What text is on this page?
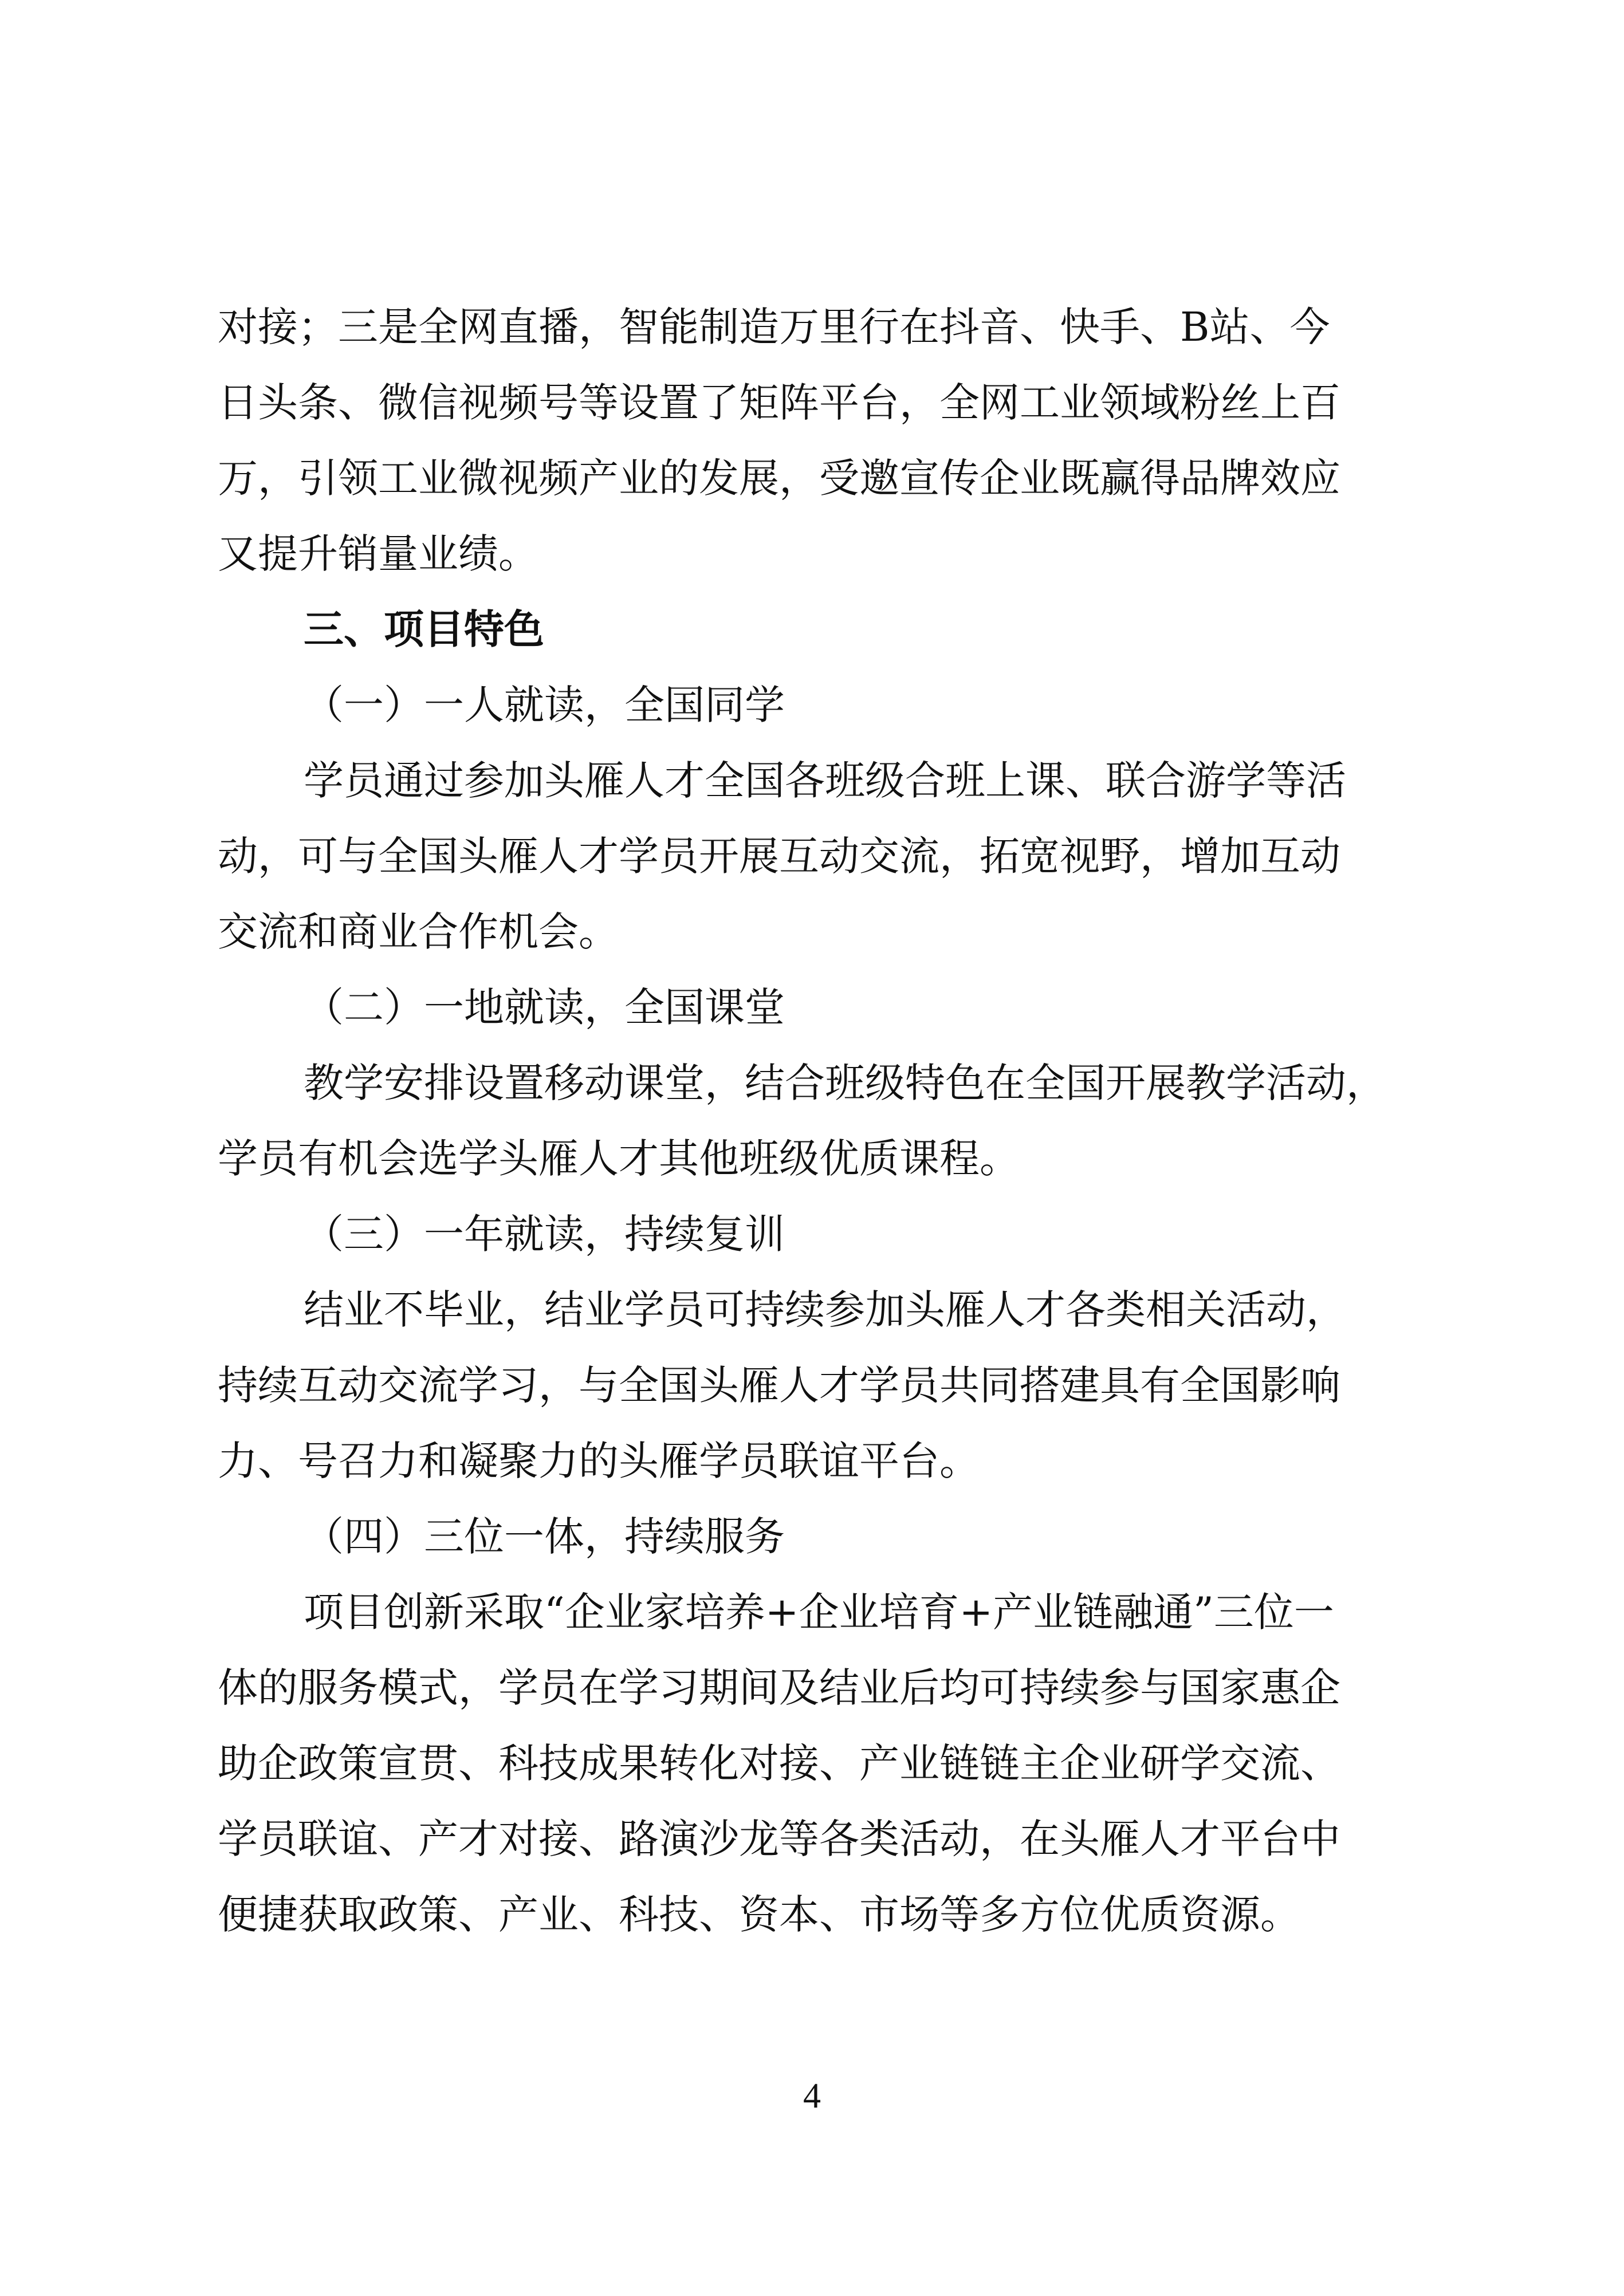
对接；三是全网直播，智能制造万里行在抖音、快手、B站、今
日头条、微信视频号等设置了矩阵平台，全网工业领域粉丝上百
万，引领工业微视频产业的发展，受邀宣传企业既赢得品牌效应
又提升销量业绩。
三、项目特色
（一）一人就读，全国同学
学员通过参加头雁人才全国各班级合班上课、联合游学等活
动，可与全国头雁人才学员开展互动交流，拓宽视野，增加互动
交流和商业合作机会。
（二）一地就读，全国课堂
教学安排设置移动课堂，结合班级特色在全国开展教学活动，
学员有机会选学头雁人才其他班级优质课程。
（三）一年就读，持续复训
结业不毕业，结业学员可持续参加头雁人才各类相关活动，
持续互动交流学习，与全国头雁人才学员共同搭建具有全国影响
力、号召力和凝聚力的头雁学员联谊平台。
（四）三位一体，持续服务
项目创新采取“企业家培养+企业培育+产业链融通”三位一
体的服务模式，学员在学习期间及结业后均可持续参与国家惠企
助企政策宣贯、科技成果转化对接、产业链链主企业研学交流、
学员联谊、产才对接、路演沙龙等各类活动，在头雁人才平台中
便捷获取政策、产业、科技、资本、市场等多方位优质资源。
4
